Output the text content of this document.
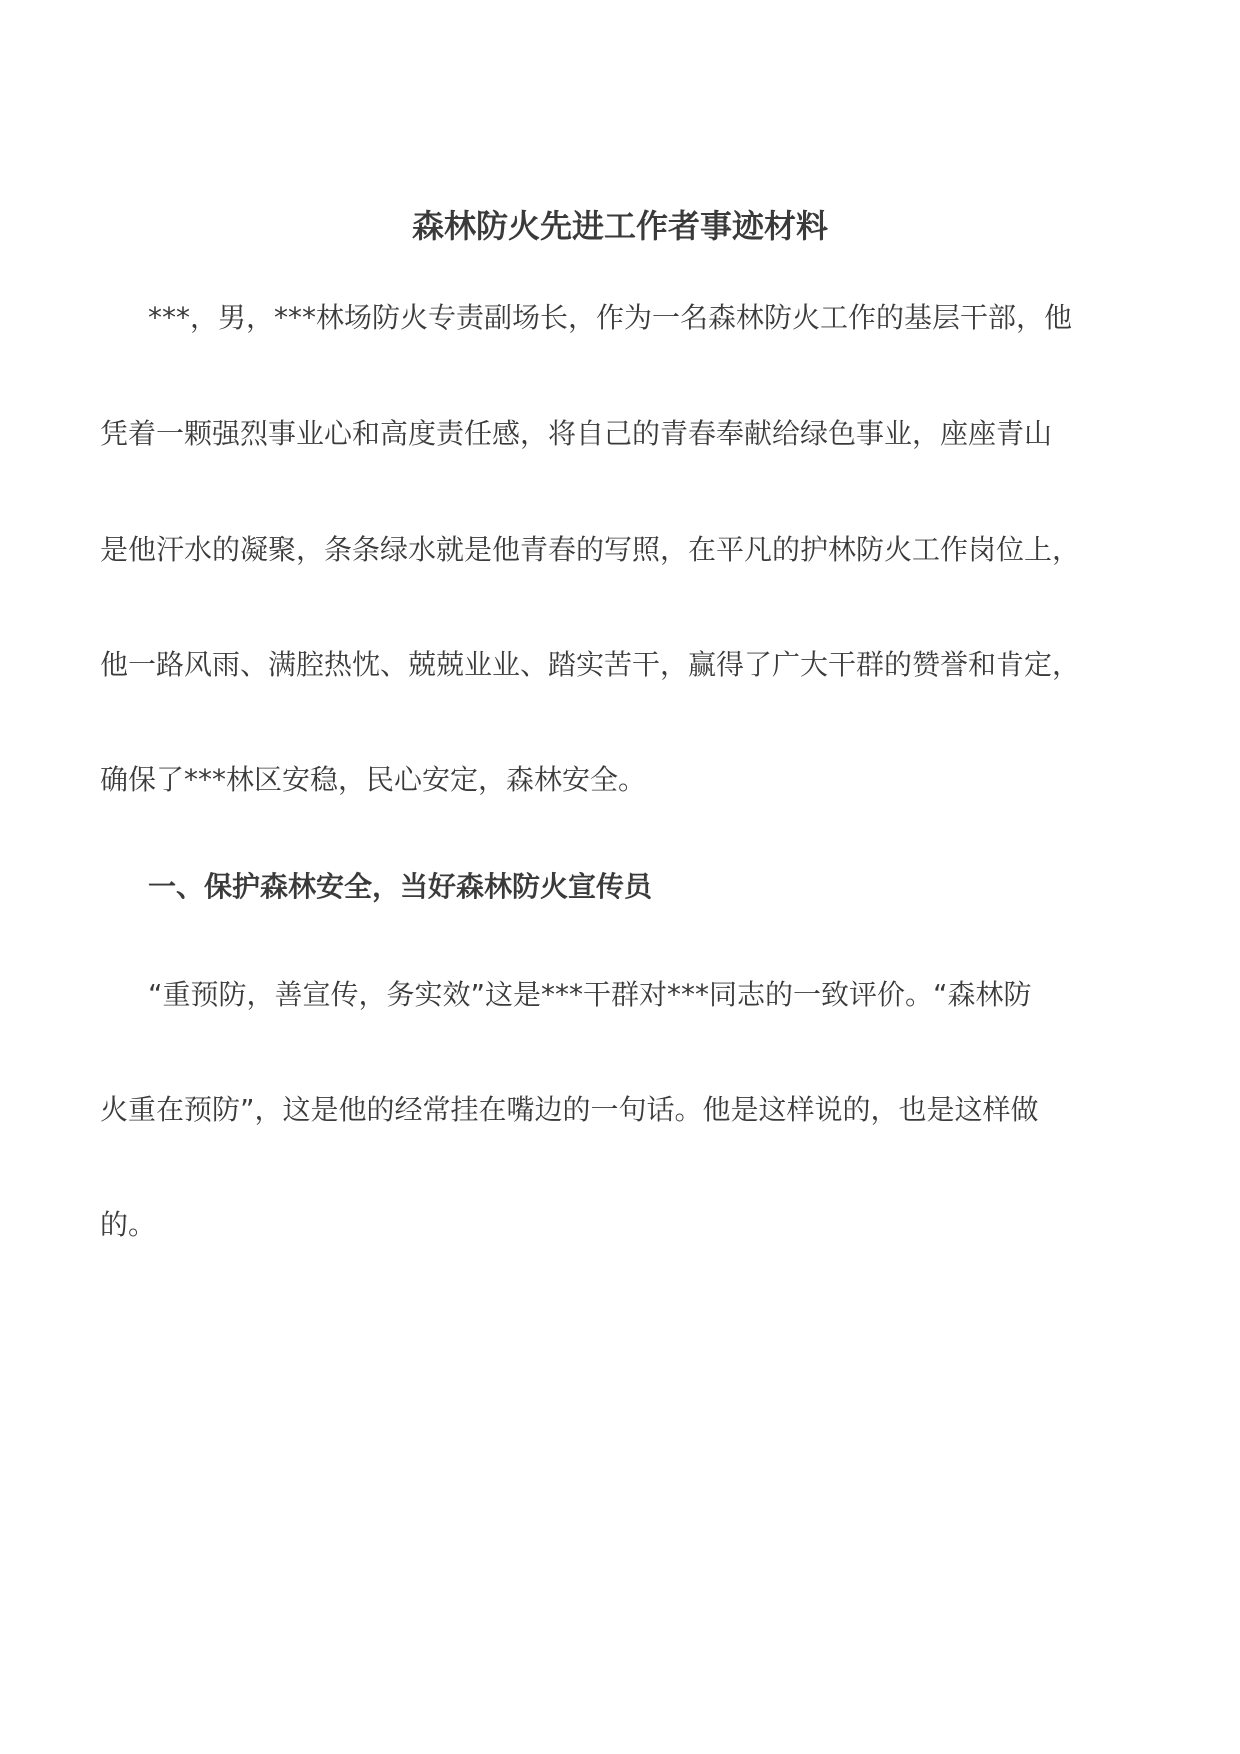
森林防火先进工作者事迹材料
***，男，***林场防火专责副场长，作为一名森林防火工作的基层干部，他
凭着一颗强烈事业心和高度责任感，将自己的青春奉献给绿色事业，座座青山
是他汗水的凝聚，条条绿水就是他青春的写照，在平凡的护林防火工作岗位上，
他一路风雨、满腔热忱、兢兢业业、踏实苦干，赢得了广大干群的赞誉和肯定，
确保了***林区安稳，民心安定，森林安全。
一、保护森林安全，当好森林防火宣传员
“重预防，善宣传，务实效”这是***干群对***同志的一致评价。“森林防
火重在预防”，这是他的经常挂在嘴边的一句话。他是这样说的，也是这样做
的。
